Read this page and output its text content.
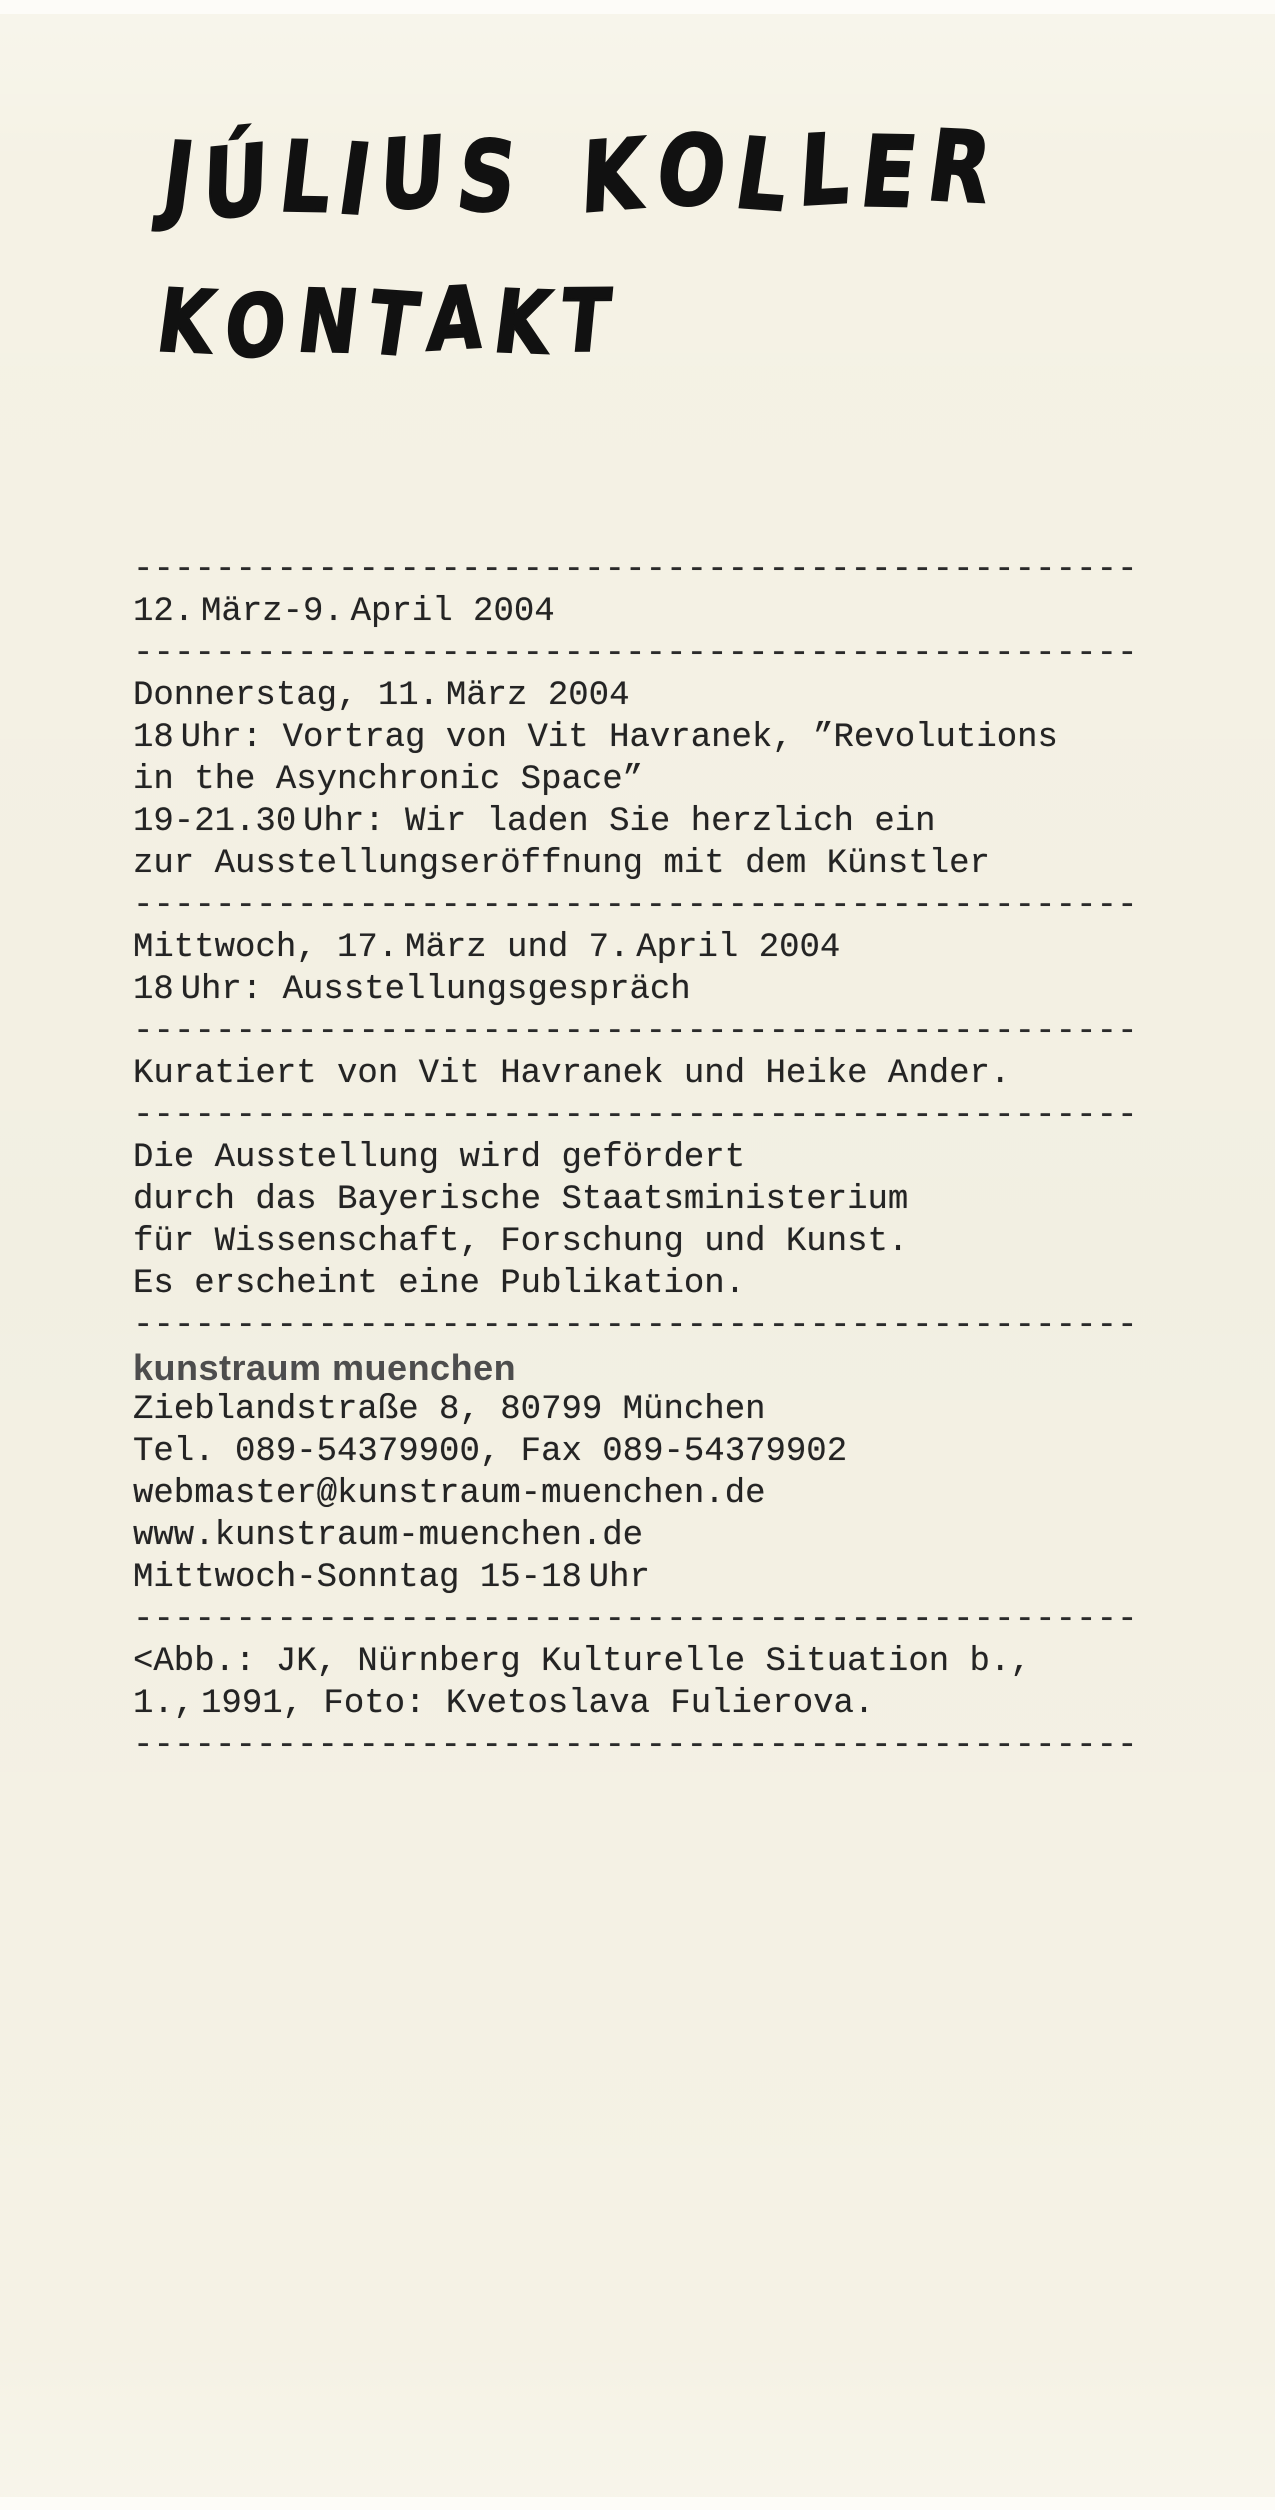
JÚLIUS KOLLER
KONTAKT
-------------------------------------------------
12. März-9. April 2004
-------------------------------------------------
Donnerstag, 11. März 2004
18 Uhr: Vortrag von Vit Havranek, ”Revolutions
in the Asynchronic Space”
19-21.30 Uhr: Wir laden Sie herzlich ein
zur Ausstellungseröffnung mit dem Künstler
-------------------------------------------------
Mittwoch, 17. März und 7. April 2004
18 Uhr: Ausstellungsgespräch
-------------------------------------------------
Kuratiert von Vit Havranek und Heike Ander.
-------------------------------------------------
Die Ausstellung wird gefördert
durch das Bayerische Staatsministerium
für Wissenschaft, Forschung und Kunst.
Es erscheint eine Publikation.
-------------------------------------------------
kunstraum muenchen
Zieblandstraße 8, 80799 München
Tel. 089-54379900, Fax 089-54379902
webmaster@kunstraum-muenchen.de
www.kunstraum-muenchen.de
Mittwoch-Sonntag 15-18 Uhr
-------------------------------------------------
<Abb.: JK, Nürnberg Kulturelle Situation b.,
1., 1991, Foto: Kvetoslava Fulierova.
-------------------------------------------------
